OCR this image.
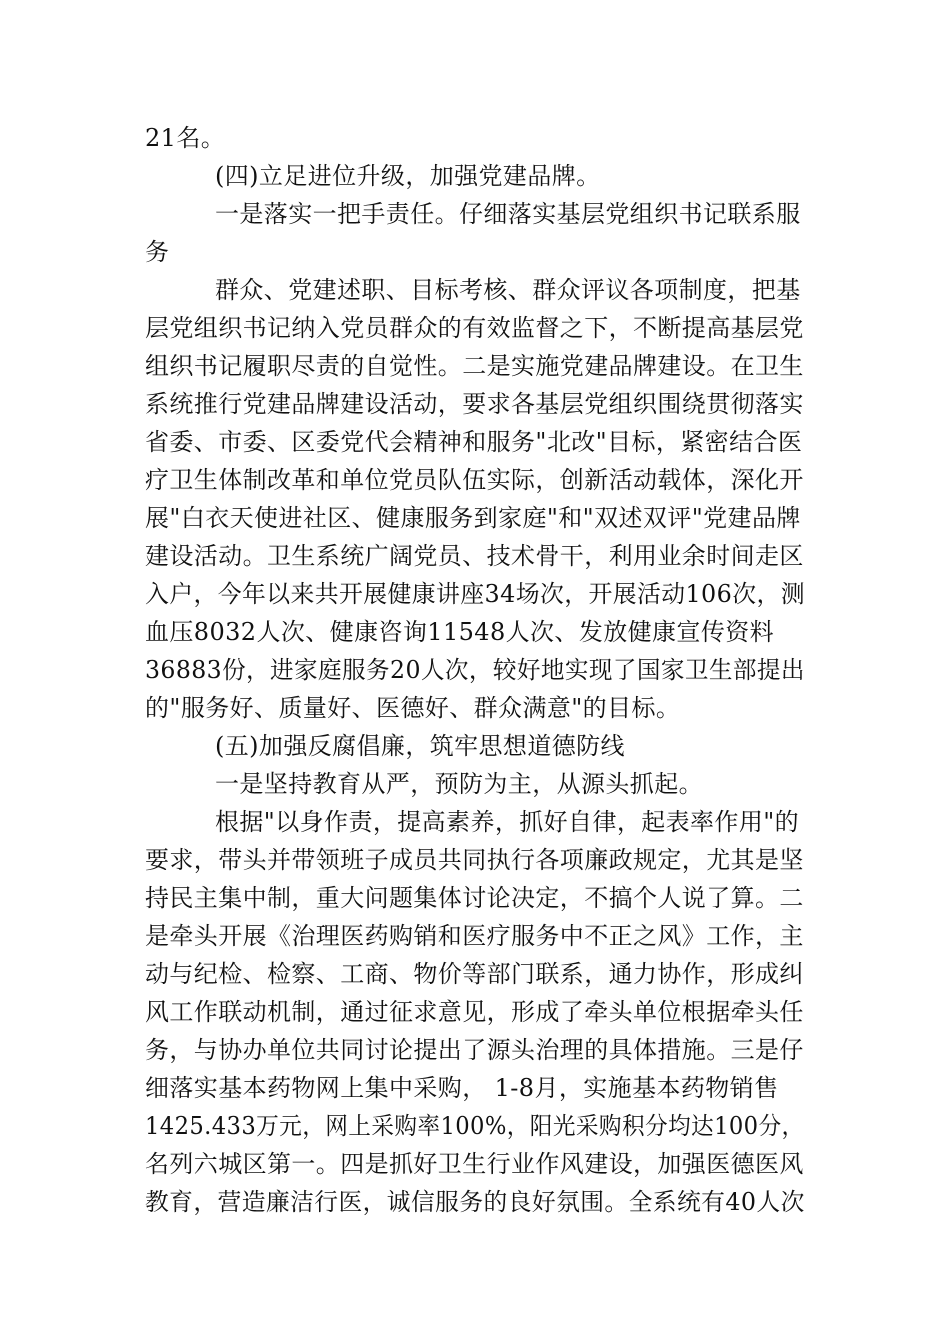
21名。
(四)立足进位升级，加强党建品牌。
一是落实一把手责任。仔细落实基层党组织书记联系服
务
群众、党建述职、目标考核、群众评议各项制度，把基
层党组织书记纳入党员群众的有效监督之下，不断提高基层党
组织书记履职尽责的自觉性。二是实施党建品牌建设。在卫生
系统推行党建品牌建设活动，要求各基层党组织围绕贯彻落实
省委、市委、区委党代会精神和服务"北改"目标，紧密结合医
疗卫生体制改革和单位党员队伍实际，创新活动载体，深化开
展"白衣天使进社区、健康服务到家庭"和"双述双评"党建品牌
建设活动。卫生系统广阔党员、技术骨干，利用业余时间走区
入户，今年以来共开展健康讲座34场次，开展活动106次，测
血压8032人次、健康咨询11548人次、发放健康宣传资料
36883份，进家庭服务20人次，较好地实现了国家卫生部提出
的"服务好、质量好、医德好、群众满意"的目标。
(五)加强反腐倡廉，筑牢思想道德防线
一是坚持教育从严，预防为主，从源头抓起。
根据"以身作责，提高素养，抓好自律，起表率作用"的
要求，带头并带领班子成员共同执行各项廉政规定，尤其是坚
持民主集中制，重大问题集体讨论决定，不搞个人说了算。二
是牵头开展《治理医药购销和医疗服务中不正之风》工作，主
动与纪检、检察、工商、物价等部门联系，通力协作，形成纠
风工作联动机制，通过征求意见，形成了牵头单位根据牵头任
务，与协办单位共同讨论提出了源头治理的具体措施。三是仔
细落实基本药物网上集中采购， 1-8月，实施基本药物销售
1425.433万元，网上采购率100%，阳光采购积分均达100分，
名列六城区第一。四是抓好卫生行业作风建设，加强医德医风
教育，营造廉洁行医，诚信服务的良好氛围。全系统有40人次
